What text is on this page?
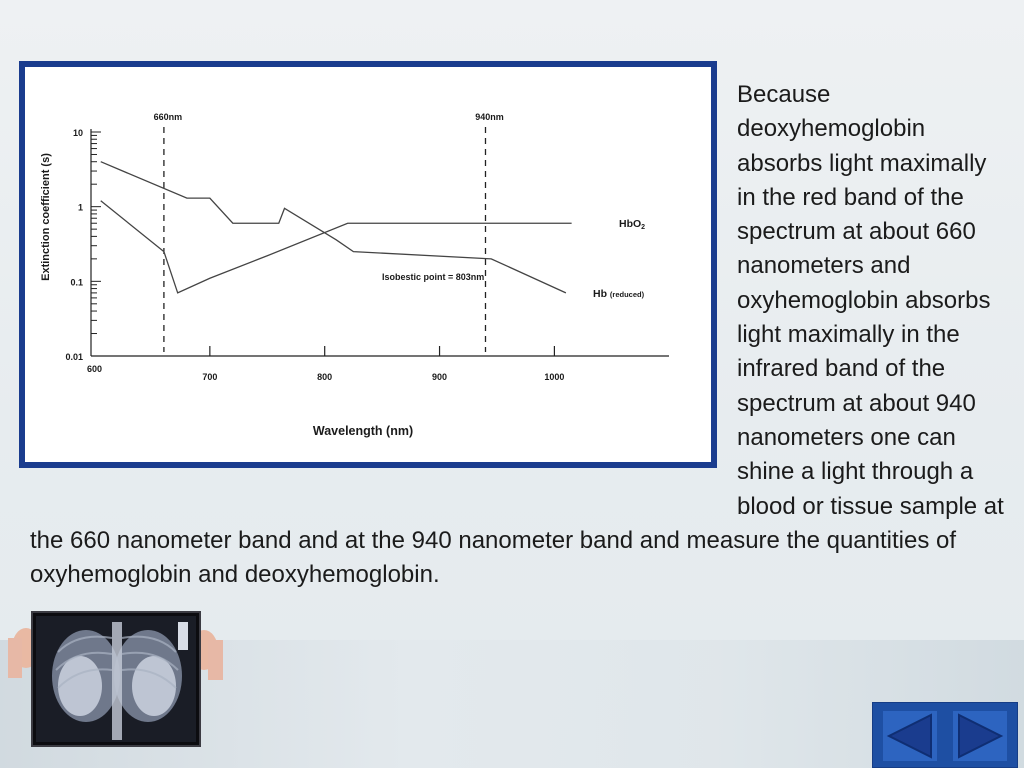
10
1
0.1
0.01
600
700	800	900	1000
Wavelength (nm)
Extinction coefficient (s)
660nm	940nm
HbO2
Hb (reduced)
Isobestic point = 803nm

Because deoxyhemoglobin absorbs light maximally in the red band of the spectrum at about 660 nanometers and oxyhemoglobin absorbs light maximally in the infrared band of the spectrum at about 940 nanometers one can shine a light through a blood or tissue sample at the 660 nanometer band and at the 940 nanometer band and measure the quantities of oxyhemoglobin and deoxyhemoglobin.
